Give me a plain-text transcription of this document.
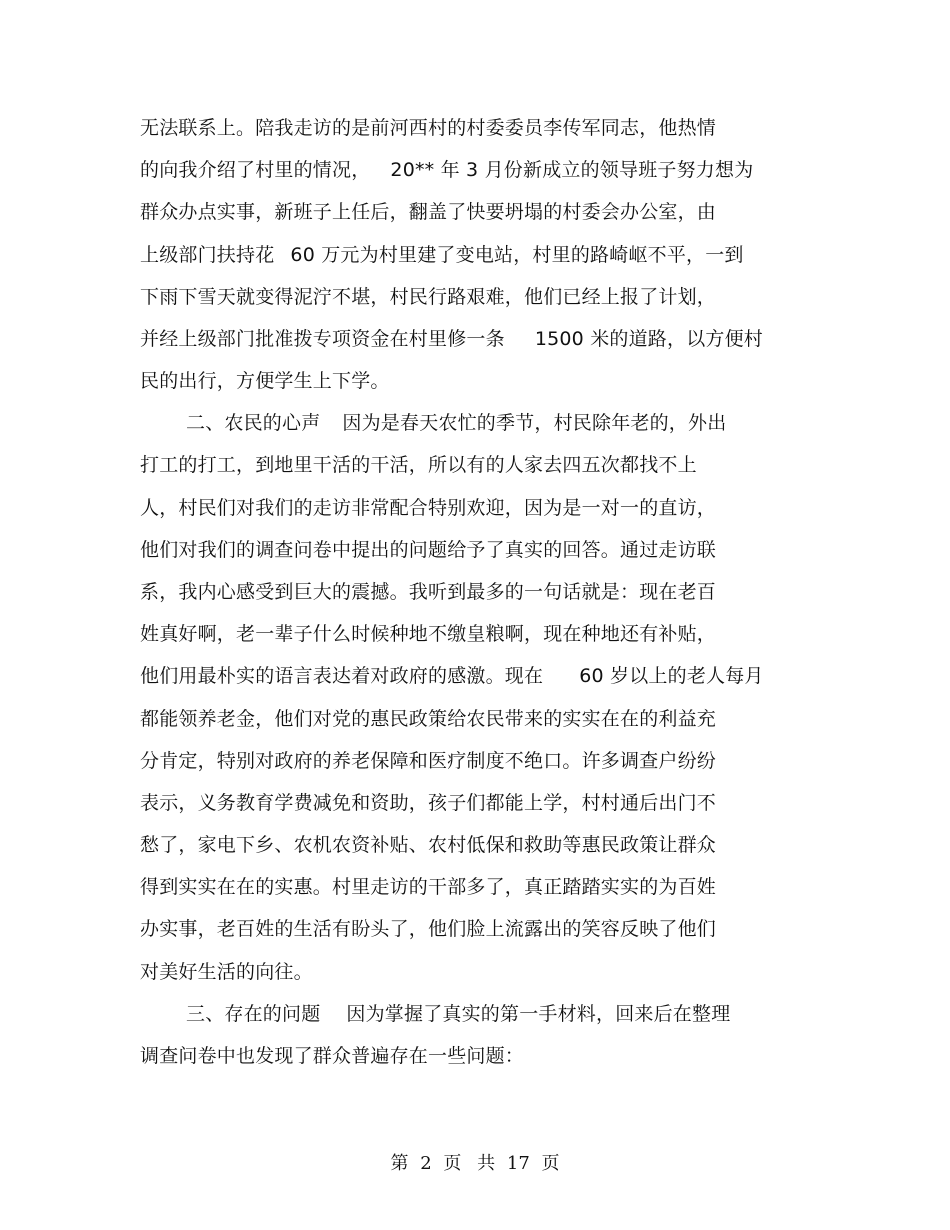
无法联系上。陪我走访的是前河西村的村委委员李传军同志，他热情
的向我介绍了村里的情况， 20** 年 3 月份新成立的领导班子努力想为
群众办点实事，新班子上任后，翻盖了快要坍塌的村委会办公室，由
上级部门扶持花 60 万元为村里建了变电站，村里的路崎岖不平，一到
下雨下雪天就变得泥泞不堪，村民行路艰难，他们已经上报了计划，
并经上级部门批准拨专项资金在村里修一条 1500 米的道路，以方便村
民的出行，方便学生上下学。
二、农民的心声 因为是春天农忙的季节，村民除年老的，外出
打工的打工，到地里干活的干活，所以有的人家去四五次都找不上
人，村民们对我们的走访非常配合特别欢迎，因为是一对一的直访，
他们对我们的调查问卷中提出的问题给予了真实的回答。通过走访联
系，我内心感受到巨大的震撼。我听到最多的一句话就是：现在老百
姓真好啊，老一辈子什么时候种地不缴皇粮啊，现在种地还有补贴，
他们用最朴实的语言表达着对政府的感激。现在 60 岁以上的老人每月
都能领养老金，他们对党的惠民政策给农民带来的实实在在的利益充
分肯定，特别对政府的养老保障和医疗制度不绝口。许多调查户纷纷
表示，义务教育学费减免和资助，孩子们都能上学，村村通后出门不
愁了，家电下乡、农机农资补贴、农村低保和救助等惠民政策让群众
得到实实在在的实惠。村里走访的干部多了，真正踏踏实实的为百姓
办实事，老百姓的生活有盼头了，他们脸上流露出的笑容反映了他们
对美好生活的向往。
三、存在的问题 因为掌握了真实的第一手材料，回来后在整理
调查问卷中也发现了群众普遍存在一些问题：
第 2 页 共 17 页
